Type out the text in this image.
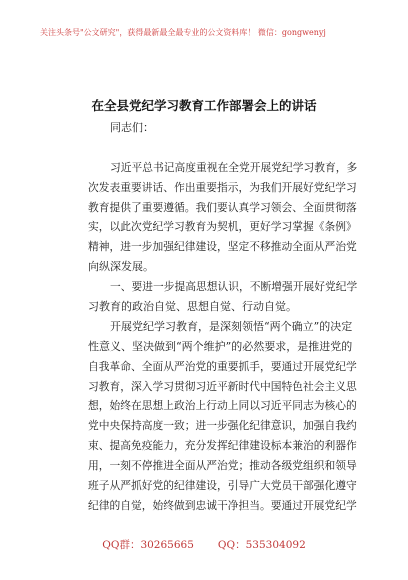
关注头条号"公文研究"，获得最新最全最专业的公文资料库！ 微信：gongwenyj
在全县党纪学习教育工作部署会上的讲话
同志们：
习近平总书记高度重视在全党开展党纪学习教育，多
次发表重要讲话、作出重要指示，为我们开展好党纪学习
教育提供了重要遵循。我们要认真学习领会、全面贯彻落
实，以此次党纪学习教育为契机，更好学习掌握《条例》
精神，进一步加强纪律建设，坚定不移推动全面从严治党
向纵深发展。
一、要进一步提高思想认识，不断增强开展好党纪学
习教育的政治自觉、思想自觉、行动自觉。
开展党纪学习教育，是深刻领悟“两个确立”的决定
性意义、坚决做到“两个维护”的必然要求，是推进党的
自我革命、全面从严治党的重要抓手，要通过开展党纪学
习教育，深入学习贯彻习近平新时代中国特色社会主义思
想，始终在思想上政治上行动上同以习近平同志为核心的
党中央保持高度一致；进一步强化纪律意识，加强自我约
束、提高免疫能力，充分发挥纪律建设标本兼治的利器作
用，一刻不停推进全面从严治党；推动各级党组织和领导
班子从严抓好党的纪律建设，引导广大党员干部强化遵守
纪律的自觉，始终做到忠诚干净担当。要通过开展党纪学
QQ群：30265665 QQ：535304092
